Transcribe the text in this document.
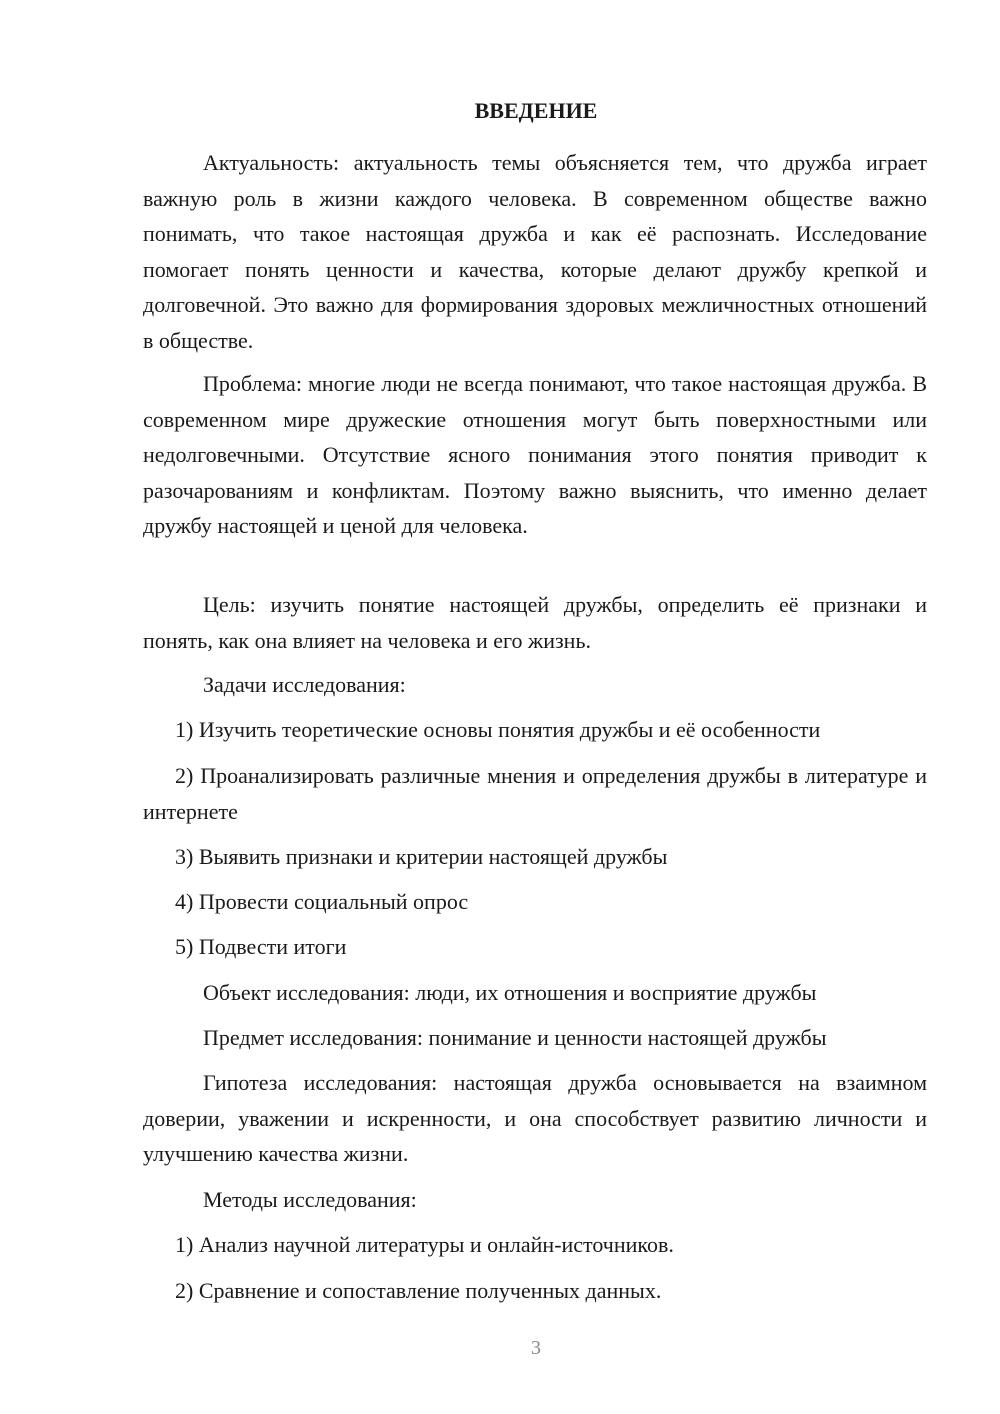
ВВЕДЕНИЕ

Актуальность: актуальность темы объясняется тем, что дружба играет важную роль в жизни каждого человека. В современном обществе важно понимать, что такое настоящая дружба и как её распознать. Исследование помогает понять ценности и качества, которые делают дружбу крепкой и долговечной. Это важно для формирования здоровых межличностных отношений в обществе.

Проблема: многие люди не всегда понимают, что такое настоящая дружба. В современном мире дружеские отношения могут быть поверхностными или недолговечными. Отсутствие ясного понимания этого понятия приводит к разочарованиям и конфликтам. Поэтому важно выяснить, что именно делает дружбу настоящей и ценой для человека.

Цель: изучить понятие настоящей дружбы, определить её признаки и понять, как она влияет на человека и его жизнь.

Задачи исследования:

1) Изучить теоретические основы понятия дружбы и её особенности

2) Проанализировать различные мнения и определения дружбы в литературе и интернете

3) Выявить признаки и критерии настоящей дружбы

4) Провести социальный опрос

5) Подвести итоги

Объект исследования: люди, их отношения и восприятие дружбы

Предмет исследования: понимание и ценности настоящей дружбы

Гипотеза исследования: настоящая дружба основывается на взаимном доверии, уважении и искренности, и она способствует развитию личности и улучшению качества жизни.

Методы исследования:

1) Анализ научной литературы и онлайн-источников.

2) Сравнение и сопоставление полученных данных.

3
